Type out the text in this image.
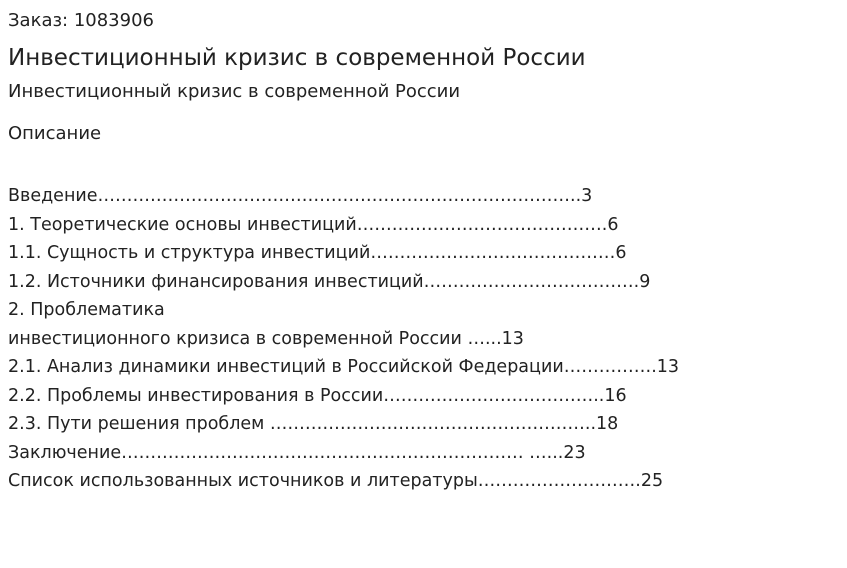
Заказ: 1083906

Инвестиционный кризис в современной России

Инвестиционный кризис в современной России

Описание
Введение………………………………………………………………………..3
1. Теоретические основы инвестиций…………………………………….6
1.1. Сущность и структура инвестиций……………………………………6
1.2. Источники финансирования инвестиций……………………………….9
2. Проблематика
инвестиционного кризиса в современной России …...13
2.1. Анализ динамики инвестиций в Российской Федерации…………….13
2.2. Проблемы инвестирования в России………………………………..16
2.3. Пути решения проблем ………………………………………………..18
Заключение…………………………………………………………… …...23
Список использованных источников и литературы……………………….25
